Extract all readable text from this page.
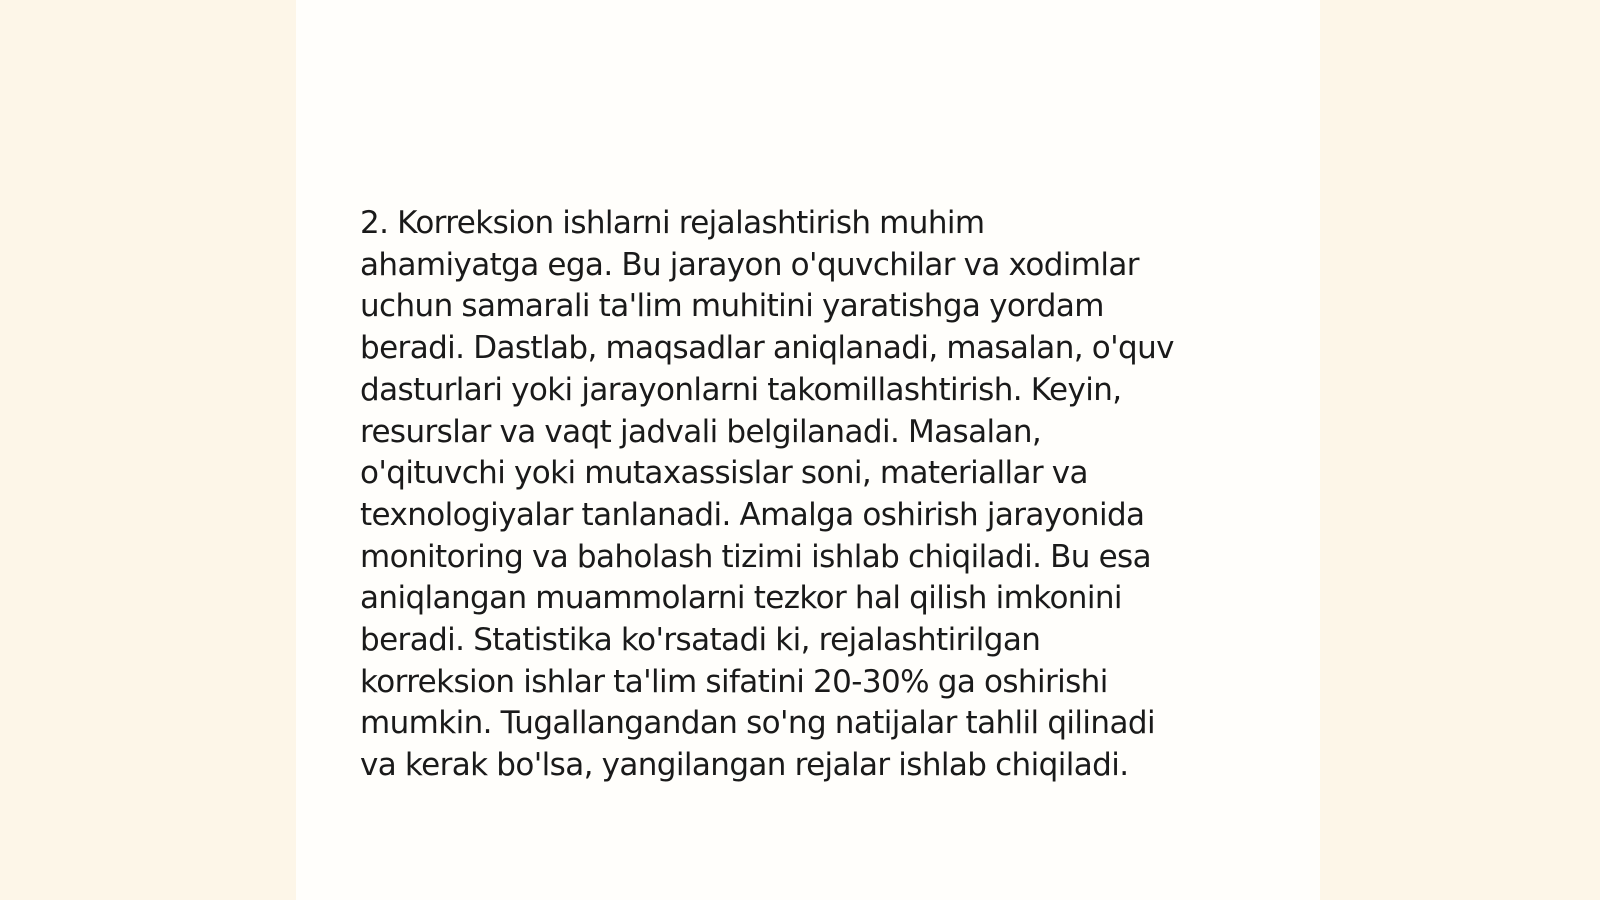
2. Korreksion ishlarni rejalashtirish muhim
ahamiyatga ega. Bu jarayon o'quvchilar va xodimlar
uchun samarali ta'lim muhitini yaratishga yordam
beradi. Dastlab, maqsadlar aniqlanadi, masalan, o'quv
dasturlari yoki jarayonlarni takomillashtirish. Keyin,
resurslar va vaqt jadvali belgilanadi. Masalan,
o'qituvchi yoki mutaxassislar soni, materiallar va
texnologiyalar tanlanadi. Amalga oshirish jarayonida
monitoring va baholash tizimi ishlab chiqiladi. Bu esa
aniqlangan muammolarni tezkor hal qilish imkonini
beradi. Statistika ko'rsatadi ki, rejalashtirilgan
korreksion ishlar ta'lim sifatini 20-30% ga oshirishi
mumkin. Tugallangandan so'ng natijalar tahlil qilinadi
va kerak bo'lsa, yangilangan rejalar ishlab chiqiladi.
